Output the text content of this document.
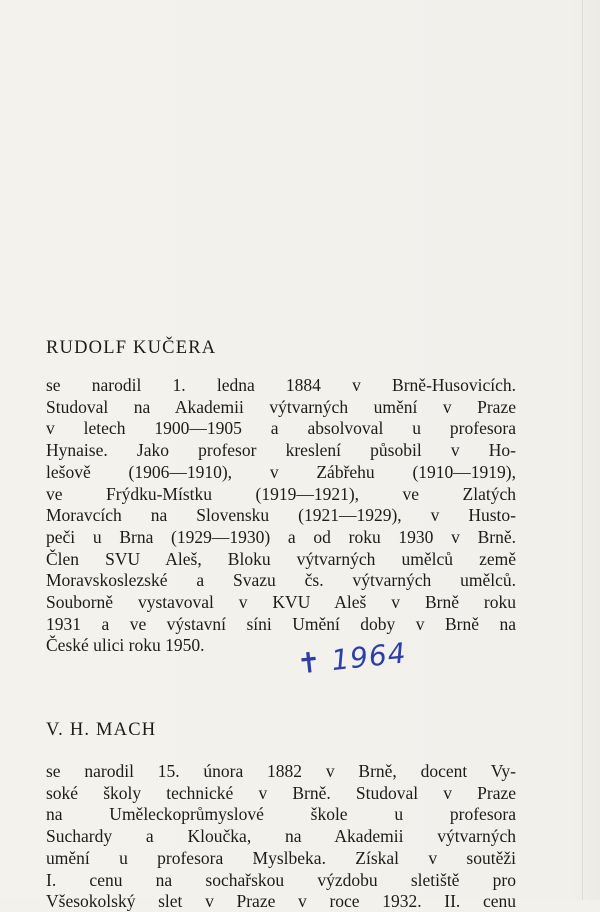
RUDOLF KUČERA
se narodil 1. ledna 1884 v Brně-Husovicích.
Studoval na Akademii výtvarných umění v Praze
v letech 1900—1905 a absolvoval u profesora
Hynaise. Jako profesor kreslení působil v Ho-
lešově (1906—1910), v Zábřehu (1910—1919),
ve Frýdku-Místku (1919—1921), ve Zlatých
Moravcích na Slovensku (1921—1929), v Husto-
peči u Brna (1929—1930) a od roku 1930 v Brně.
Člen SVU Aleš, Bloku výtvarných umělců země
Moravskoslezské a Svazu čs. výtvarných umělců.
Souborně vystavoval v KVU Aleš v Brně roku
1931 a ve výstavní síni Umění doby v Brně na
České ulici roku 1950.	✝ 1964
V. H. MACH
se narodil 15. února 1882 v Brně, docent Vy-
soké školy technické v Brně. Studoval v Praze
na Uměleckoprůmyslové škole u profesora
Suchardy a Kloučka, na Akademii výtvarných
umění u profesora Myslbeka. Získal v soutěži
I. cenu na sochařskou výzdobu sletiště pro
Všesokolský slet v Praze v roce 1932. II. cenu
